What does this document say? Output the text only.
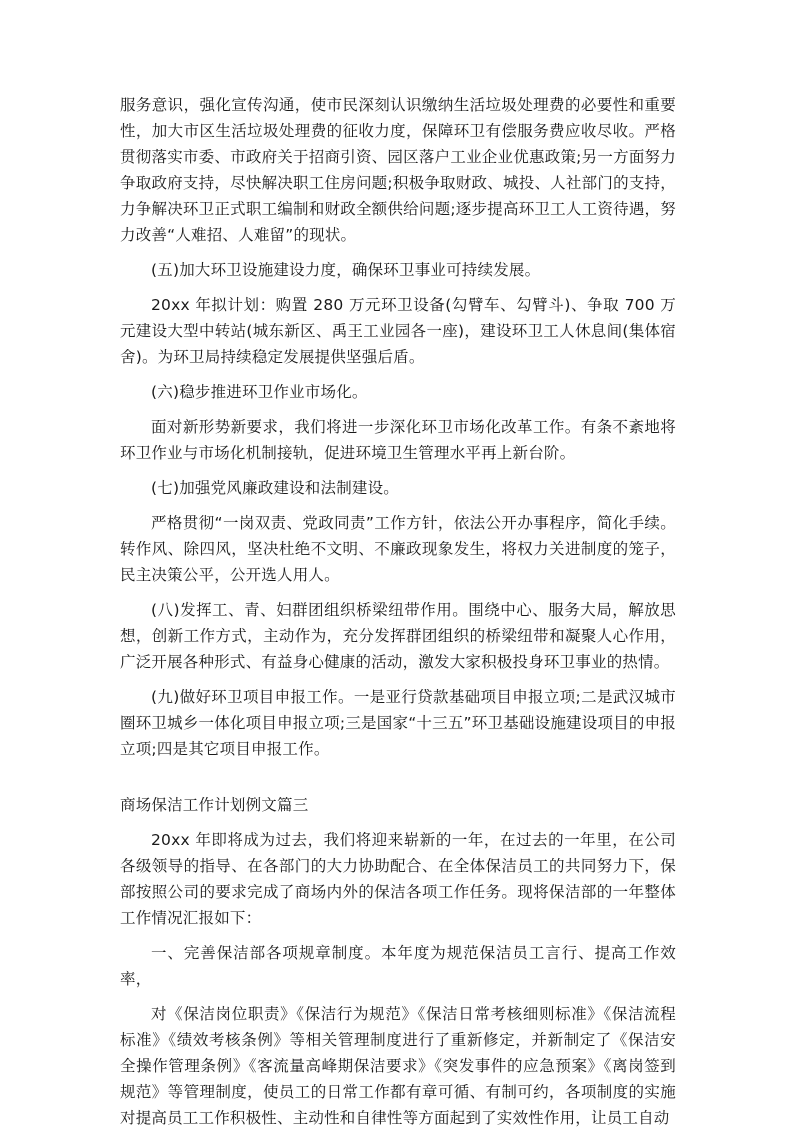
服务意识，强化宣传沟通，使市民深刻认识缴纳生活垃圾处理费的必要性和重要性，加大市区生活垃圾处理费的征收力度，保障环卫有偿服务费应收尽收。严格贯彻落实市委、市政府关于招商引资、园区落户工业企业优惠政策;另一方面努力争取政府支持，尽快解决职工住房问题;积极争取财政、城投、人社部门的支持，力争解决环卫正式职工编制和财政全额供给问题;逐步提高环卫工人工资待遇，努力改善“人难招、人难留”的现状。

(五)加大环卫设施建设力度，确保环卫事业可持续发展。

20xx 年拟计划：购置 280 万元环卫设备(勾臂车、勾臂斗)、争取 700 万元建设大型中转站(城东新区、禹王工业园各一座)，建设环卫工人休息间(集体宿舍)。为环卫局持续稳定发展提供坚强后盾。

(六)稳步推进环卫作业市场化。

面对新形势新要求，我们将进一步深化环卫市场化改革工作。有条不紊地将环卫作业与市场化机制接轨，促进环境卫生管理水平再上新台阶。

(七)加强党风廉政建设和法制建设。

严格贯彻“一岗双责、党政同责”工作方针，依法公开办事程序，简化手续。转作风、除四风，坚决杜绝不文明、不廉政现象发生，将权力关进制度的笼子，民主决策公平，公开选人用人。

(八)发挥工、青、妇群团组织桥梁纽带作用。围绕中心、服务大局，解放思想，创新工作方式，主动作为，充分发挥群团组织的桥梁纽带和凝聚人心作用，广泛开展各种形式、有益身心健康的活动，激发大家积极投身环卫事业的热情。

(九)做好环卫项目申报工作。一是亚行贷款基础项目申报立项;二是武汉城市圈环卫城乡一体化项目申报立项;三是国家“十三五”环卫基础设施建设项目的申报立项;四是其它项目申报工作。

商场保洁工作计划例文篇三

20xx 年即将成为过去，我们将迎来崭新的一年，在过去的一年里，在公司各级领导的指导、在各部门的大力协助配合、在全体保洁员工的共同努力下，保部按照公司的要求完成了商场内外的保洁各项工作任务。现将保洁部的一年整体工作情况汇报如下：

一、完善保洁部各项规章制度。本年度为规范保洁员工言行、提高工作效率，

对《保洁岗位职责》《保洁行为规范》《保洁日常考核细则标准》《保洁流程标准》《绩效考核条例》等相关管理制度进行了重新修定，并新制定了《保洁安全操作管理条例》《客流量高峰期保洁要求》《突发事件的应急预案》《离岗签到规范》等管理制度，使员工的日常工作都有章可循、有制可约，各项制度的实施对提高员工工作积极性、主动性和自律性等方面起到了实效性作用，让员工自动
